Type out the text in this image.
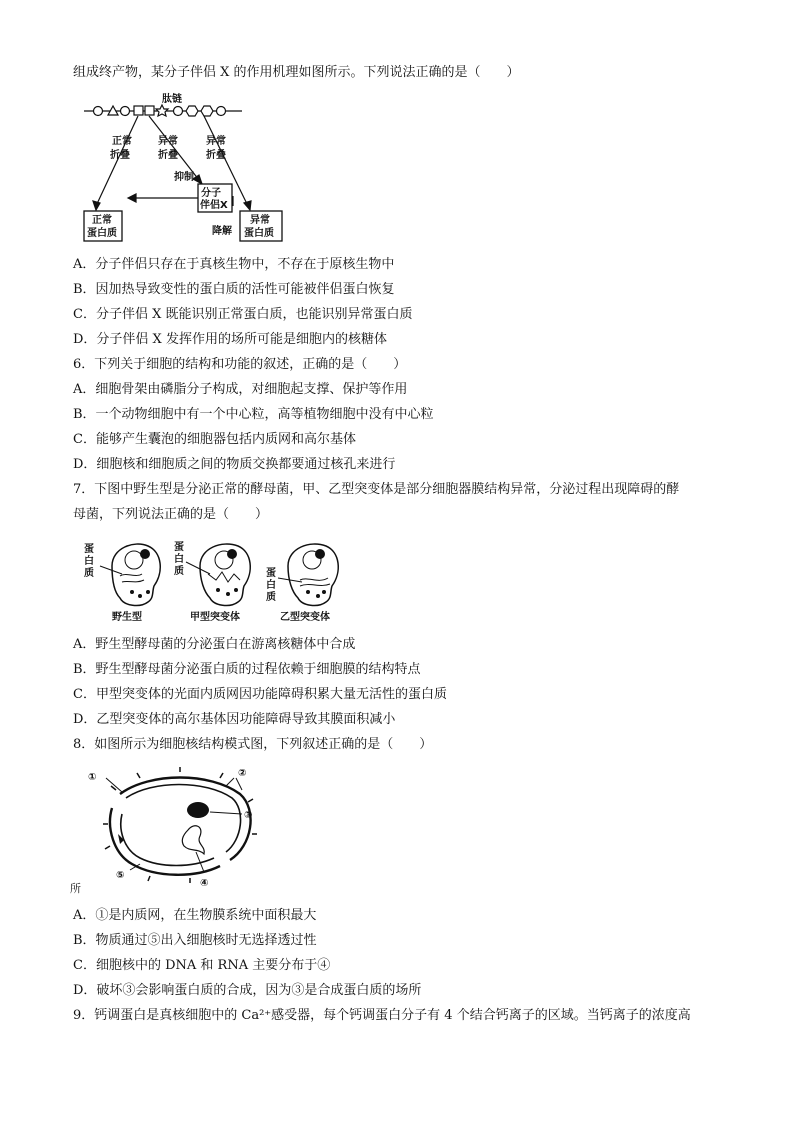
组成终产物，某分子伴侣 X 的作用机理如图所示。下列说法正确的是（　　）
肽链
正常
折叠
异常
折叠
异常
折叠
抑制
分子
伴侣X
降解
正常
蛋白质
异常
蛋白质
A．分子伴侣只存在于真核生物中，不存在于原核生物中
B．因加热导致变性的蛋白质的活性可能被伴侣蛋白恢复
C．分子伴侣 X 既能识别正常蛋白质，也能识别异常蛋白质
D．分子伴侣 X 发挥作用的场所可能是细胞内的核糖体
6．下列关于细胞的结构和功能的叙述，正确的是（　　）
A．细胞骨架由磷脂分子构成，对细胞起支撑、保护等作用
B．一个动物细胞中有一个中心粒，高等植物细胞中没有中心粒
C．能够产生囊泡的细胞器包括内质网和高尔基体
D．细胞核和细胞质之间的物质交换都要通过核孔来进行
7．下图中野生型是分泌正常的酵母菌，甲、乙型突变体是部分细胞器膜结构异常，分泌过程出现障碍的酵
母菌，下列说法正确的是（　　）
蛋
白
质
蛋
白
质	蛋
白
质
野生型	甲型突变体	乙型突变体
A．野生型酵母菌的分泌蛋白在游离核糖体中合成
B．野生型酵母菌分泌蛋白质的过程依赖于细胞膜的结构特点
C．甲型突变体的光面内质网因功能障碍积累大量无活性的蛋白质
D．乙型突变体的高尔基体因功能障碍导致其膜面积减小
8．如图所示为细胞核结构模式图，下列叙述正确的是（　　）
①	②
③
④
⑤
所
A．①是内质网，在生物膜系统中面积最大
B．物质通过⑤出入细胞核时无选择透过性
C．细胞核中的 DNA 和 RNA 主要分布于④
D．破坏③会影响蛋白质的合成，因为③是合成蛋白质的场所
9．钙调蛋白是真核细胞中的 Ca²⁺感受器，每个钙调蛋白分子有 4 个结合钙离子的区域。当钙离子的浓度高
